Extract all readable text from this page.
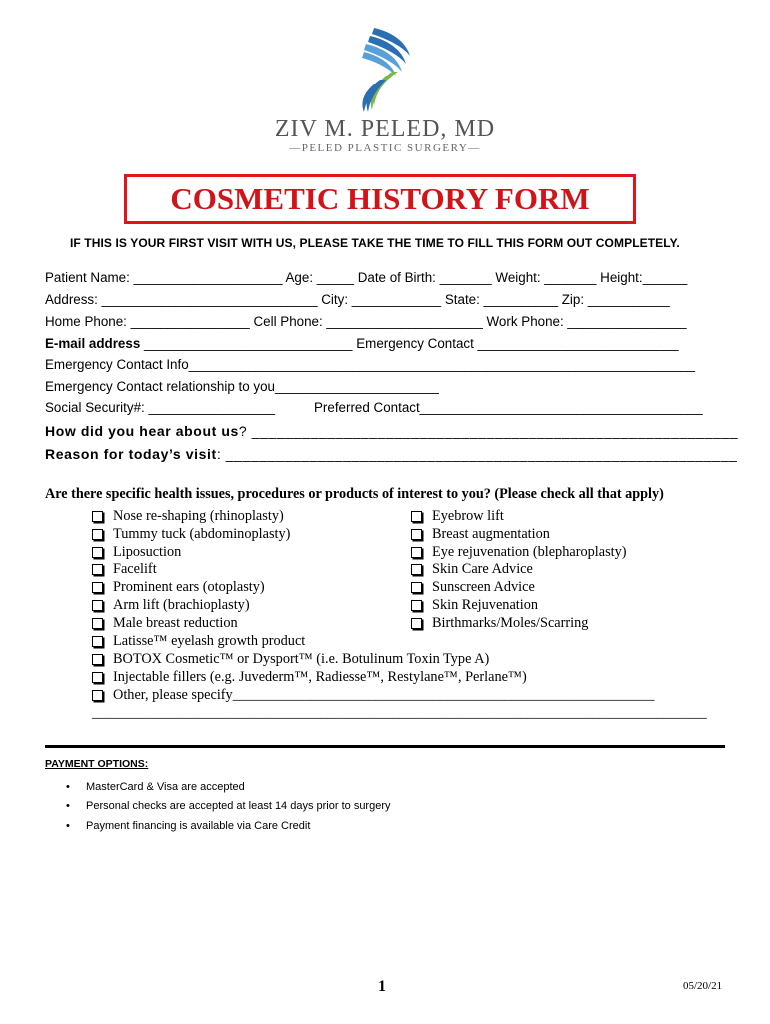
ZIV M. PELED, MD
—PELED PLASTIC SURGERY—
COSMETIC HISTORY FORM
IF THIS IS YOUR FIRST VISIT WITH US, PLEASE TAKE THE TIME TO FILL THIS FORM OUT COMPLETELY.
Patient Name: ____________________ Age: _____ Date of Birth: _______ Weight: _______ Height:______
Address: _____________________________ City: ____________ State: __________ Zip: ___________
Home Phone: ________________ Cell Phone: _____________________ Work Phone: ________________
E-mail address ____________________________ Emergency Contact ___________________________
Emergency Contact Info____________________________________________________________________
Emergency Contact relationship to you______________________
Social Security#: _________________	Preferred Contact______________________________________
How did you hear about us? __________________________________________________________
Reason for today’s visit: _____________________________________________________________
Are there specific health issues, procedures or products of interest to you? (Please check all that apply)
Nose re-shaping (rhinoplasty)
Tummy tuck (abdominoplasty)
Liposuction
Facelift
Prominent ears (otoplasty)
Arm lift (brachioplasty)
Male breast reduction
Latisse™ eyelash growth product
BOTOX Cosmetic™ or Dysport™ (i.e. Botulinum Toxin Type A)
Injectable fillers (e.g. Juvederm™, Radiesse™, Restylane™, Perlane™)
Other, please specify___________________________________________________________
______________________________________________________________________________________
Eyebrow lift
Breast augmentation
Eye rejuvenation (blepharoplasty)
Skin Care Advice
Sunscreen Advice
Skin Rejuvenation
Birthmarks/Moles/Scarring
PAYMENT OPTIONS:
• MasterCard & Visa are accepted
• Personal checks are accepted at least 14 days prior to surgery
• Payment financing is available via Care Credit
1	05/20/21
